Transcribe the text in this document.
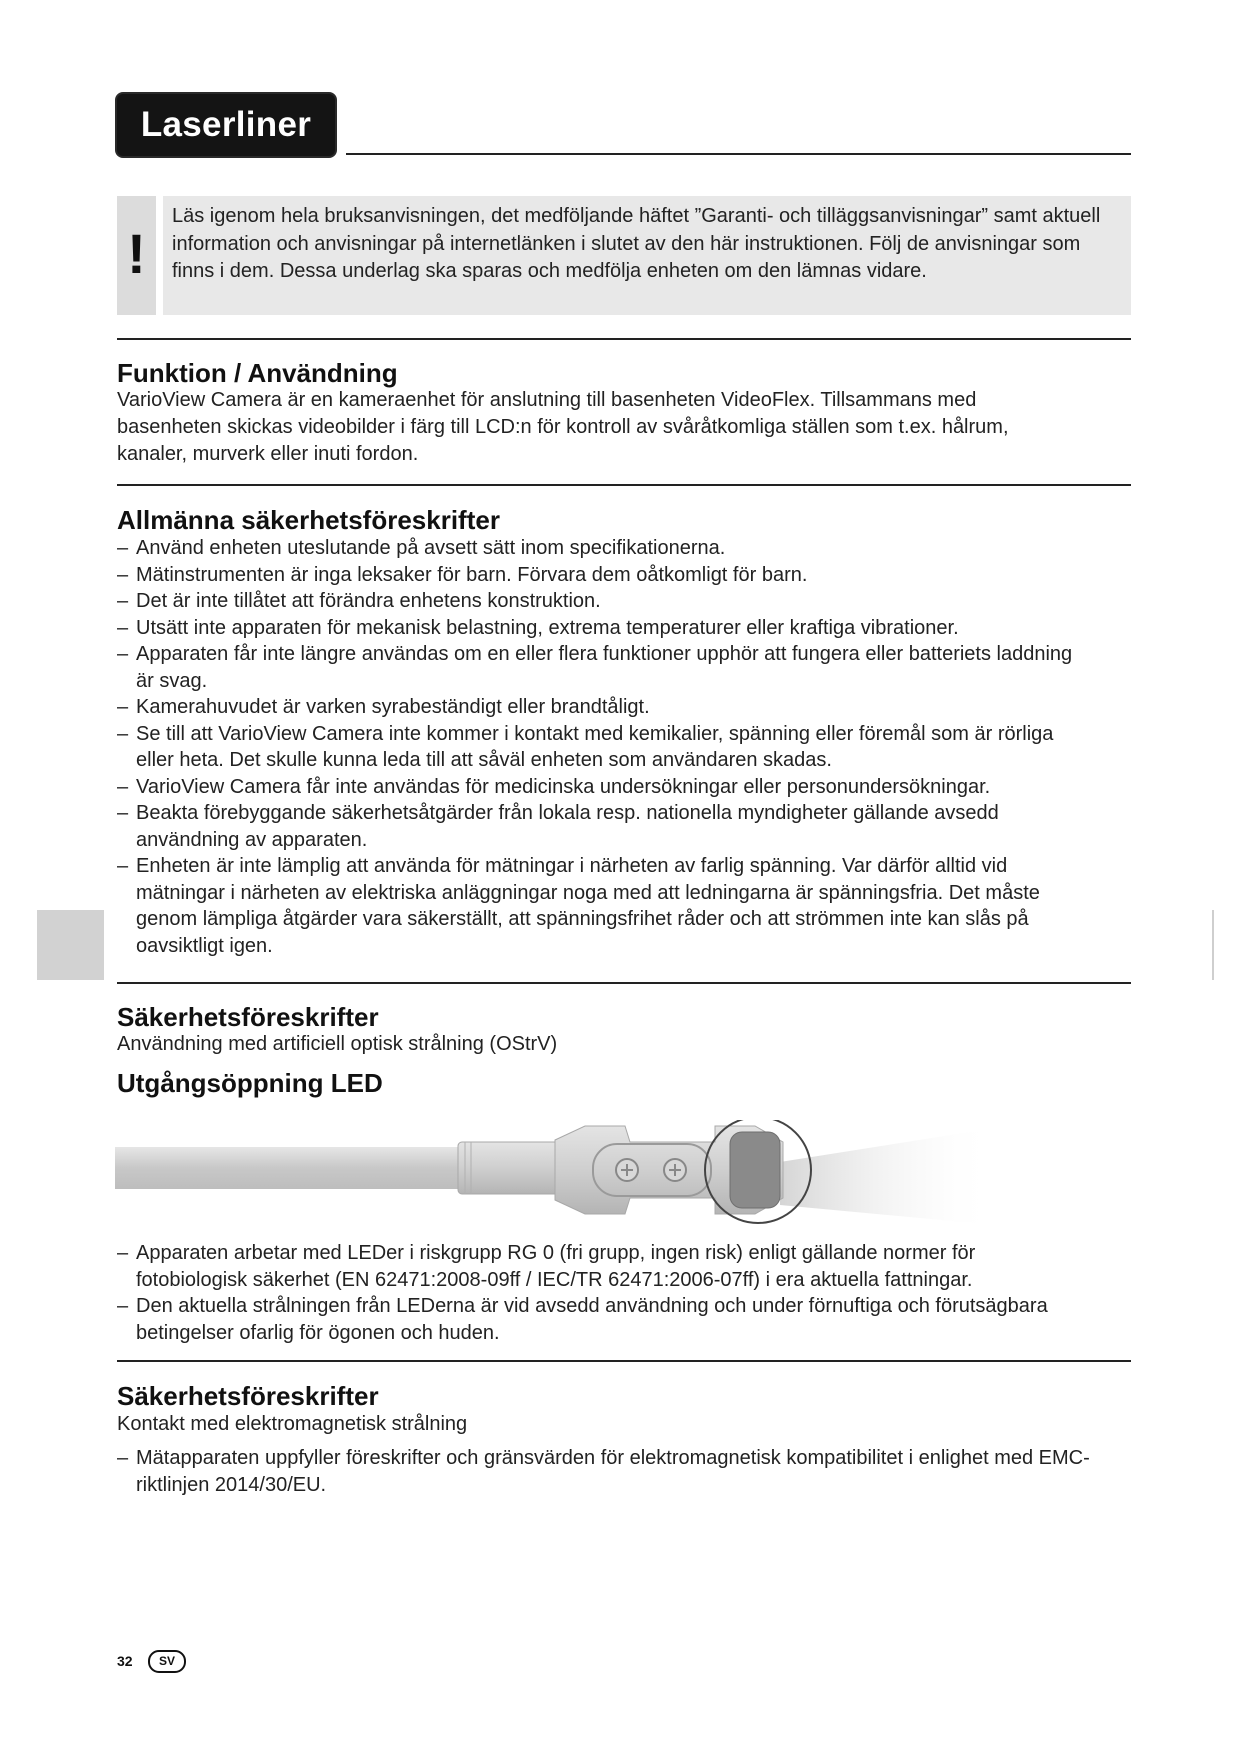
Laserliner
!
Läs igenom hela bruksanvisningen, det medföljande häftet ”Garanti- och tilläggsanvisningar” samt aktuell information och anvisningar på internetlänken i slutet av den här instruktionen. Följ de anvisningar som finns i dem. Dessa underlag ska sparas och medfölja enheten om den lämnas vidare.
Funktion / Användning
VarioView Camera är en kameraenhet för anslutning till basenheten VideoFlex. Tillsammans med basenheten skickas videobilder i färg till LCD:n för kontroll av svåråtkomliga ställen som t.ex. hålrum, kanaler, murverk eller inuti fordon.
Allmänna säkerhetsföreskrifter
– Använd enheten uteslutande på avsett sätt inom specifikationerna.
– Mätinstrumenten är inga leksaker för barn. Förvara dem oåtkomligt för barn.
– Det är inte tillåtet att förändra enhetens konstruktion.
– Utsätt inte apparaten för mekanisk belastning, extrema temperaturer eller kraftiga vibrationer.
– Apparaten får inte längre användas om en eller flera funktioner upphör att fungera eller batteriets laddning är svag.
– Kamerahuvudet är varken syrabeständigt eller brandtåligt.
– Se till att VarioView Camera inte kommer i kontakt med kemikalier, spänning eller föremål som är rörliga eller heta. Det skulle kunna leda till att såväl enheten som användaren skadas.
– VarioView Camera får inte användas för medicinska undersökningar eller personundersökningar.
– Beakta förebyggande säkerhetsåtgärder från lokala resp. nationella myndigheter gällande avsedd användning av apparaten.
– Enheten är inte lämplig att använda för mätningar i närheten av farlig spänning. Var därför alltid vid mätningar i närheten av elektriska anläggningar noga med att ledningarna är spänningsfria. Det måste genom lämpliga åtgärder vara säkerställt, att spänningsfrihet råder och att strömmen inte kan slås på oavsiktligt igen.
Säkerhetsföreskrifter
Användning med artificiell optisk strålning (OStrV)
Utgångsöppning LED
– Apparaten arbetar med LEDer i riskgrupp RG 0 (fri grupp, ingen risk) enligt gällande normer för fotobiologisk säkerhet (EN 62471:2008-09ff / IEC/TR 62471:2006-07ff) i era aktuella fattningar.
– Den aktuella strålningen från LEDerna är vid avsedd användning och under förnuftiga och förutsägbara betingelser ofarlig för ögonen och huden.
Säkerhetsföreskrifter
Kontakt med elektromagnetisk strålning
– Mätapparaten uppfyller föreskrifter och gränsvärden för elektromagnetisk kompatibilitet i enlighet med EMC-riktlinjen 2014/30/EU.
32	SV
